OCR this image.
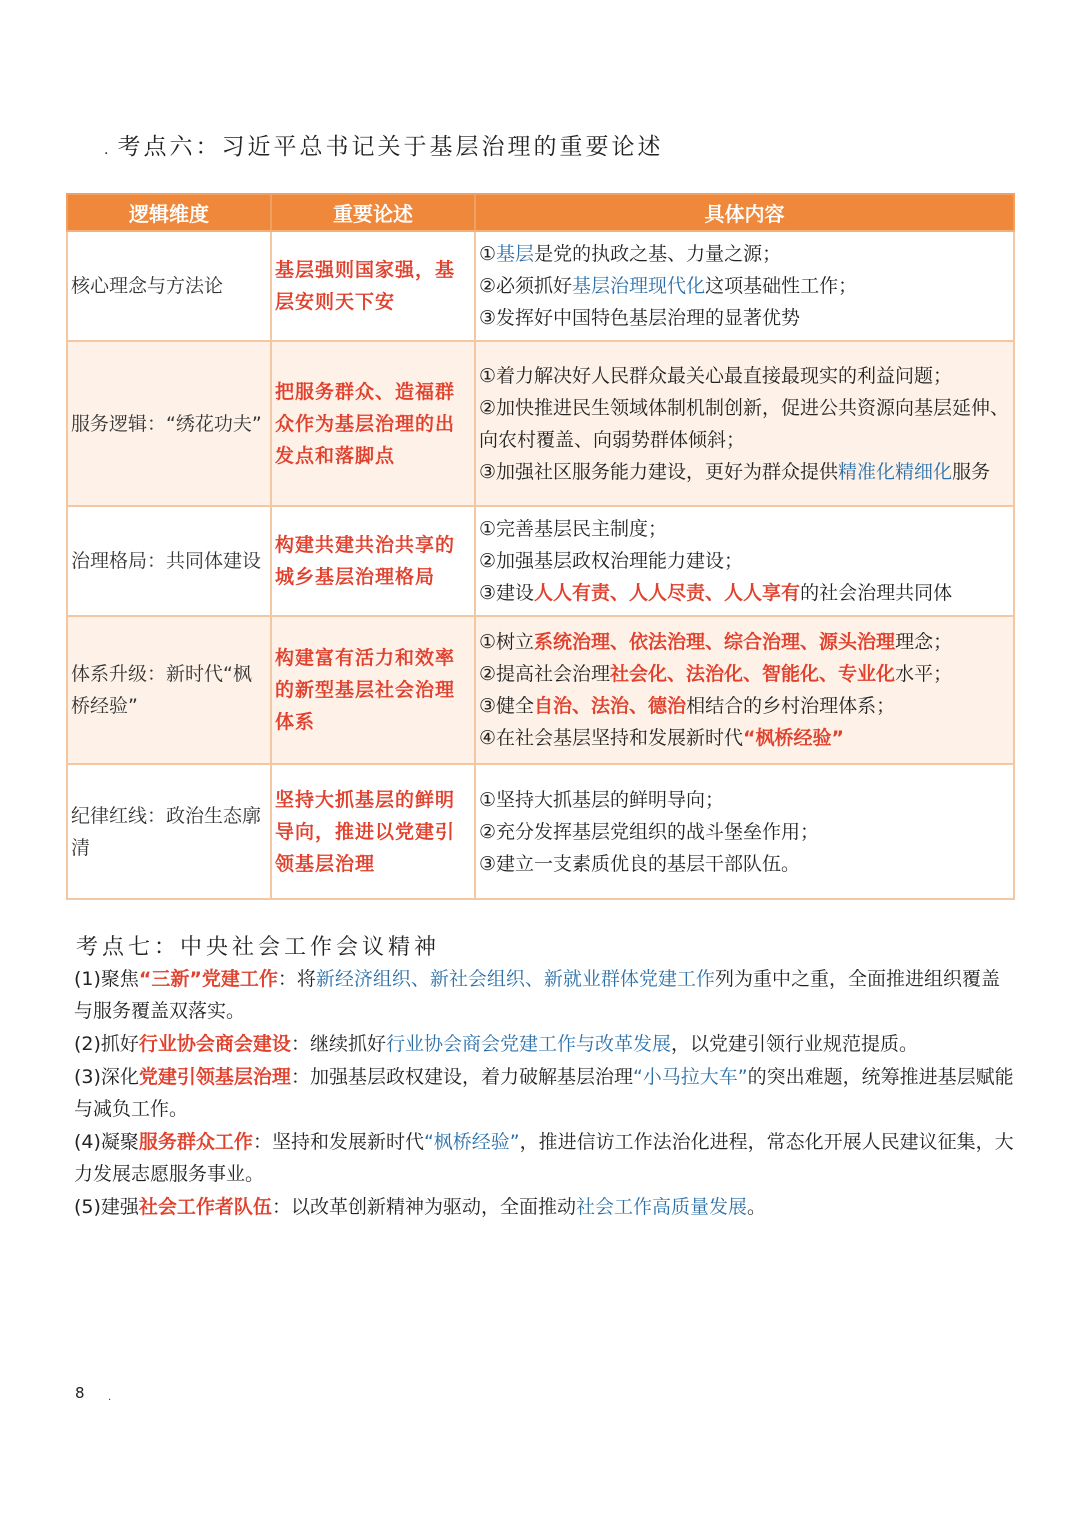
. 考点六：习近平总书记关于基层治理的重要论述
逻辑维度	重要论述	具体内容
核心理念与方法论	基层强则国家强，基层安则天下安	①基层是党的执政之基、力量之源；
②必须抓好基层治理现代化这项基础性工作；
③发挥好中国特色基层治理的显著优势

服务逻辑：“绣花功夫”	把服务群众、造福群众作为基层治理的出发点和落脚点	①着力解决好人民群众最关心最直接最现实的利益问题；
②加快推进民生领域体制机制创新，促进公共资源向基层延伸、向农村覆盖、向弱势群体倾斜；
③加强社区服务能力建设，更好为群众提供精准化精细化服务

治理格局：共同体建设	构建共建共治共享的城乡基层治理格局	①完善基层民主制度；
②加强基层政权治理能力建设；
③建设人人有责、人人尽责、人人享有的社会治理共同体

体系升级：新时代“枫桥经验”	构建富有活力和效率的新型基层社会治理体系	①树立系统治理、依法治理、综合治理、源头治理理念；
②提高社会治理社会化、法治化、智能化、专业化水平；
③健全自治、法治、德治相结合的乡村治理体系；
④在社会基层坚持和发展新时代“枫桥经验”

纪律红线：政治生态廓清	坚持大抓基层的鲜明导向，推进以党建引领基层治理	①坚持大抓基层的鲜明导向；
②充分发挥基层党组织的战斗堡垒作用；
③建立一支素质优良的基层干部队伍。
考点七：中央社会工作会议精神
(1)聚焦“三新”党建工作：将新经济组织、新社会组织、新就业群体党建工作列为重中之重，全面推进组织覆盖与服务覆盖双落实。
(2)抓好行业协会商会建设：继续抓好行业协会商会党建工作与改革发展，以党建引领行业规范提质。
(3)深化党建引领基层治理：加强基层政权建设，着力破解基层治理“小马拉大车”的突出难题，统筹推进基层赋能与减负工作。
(4)凝聚服务群众工作：坚持和发展新时代“枫桥经验”，推进信访工作法治化进程，常态化开展人民建议征集，大力发展志愿服务事业。
(5)建强社会工作者队伍：以改革创新精神为驱动，全面推动社会工作高质量发展。
8 .
